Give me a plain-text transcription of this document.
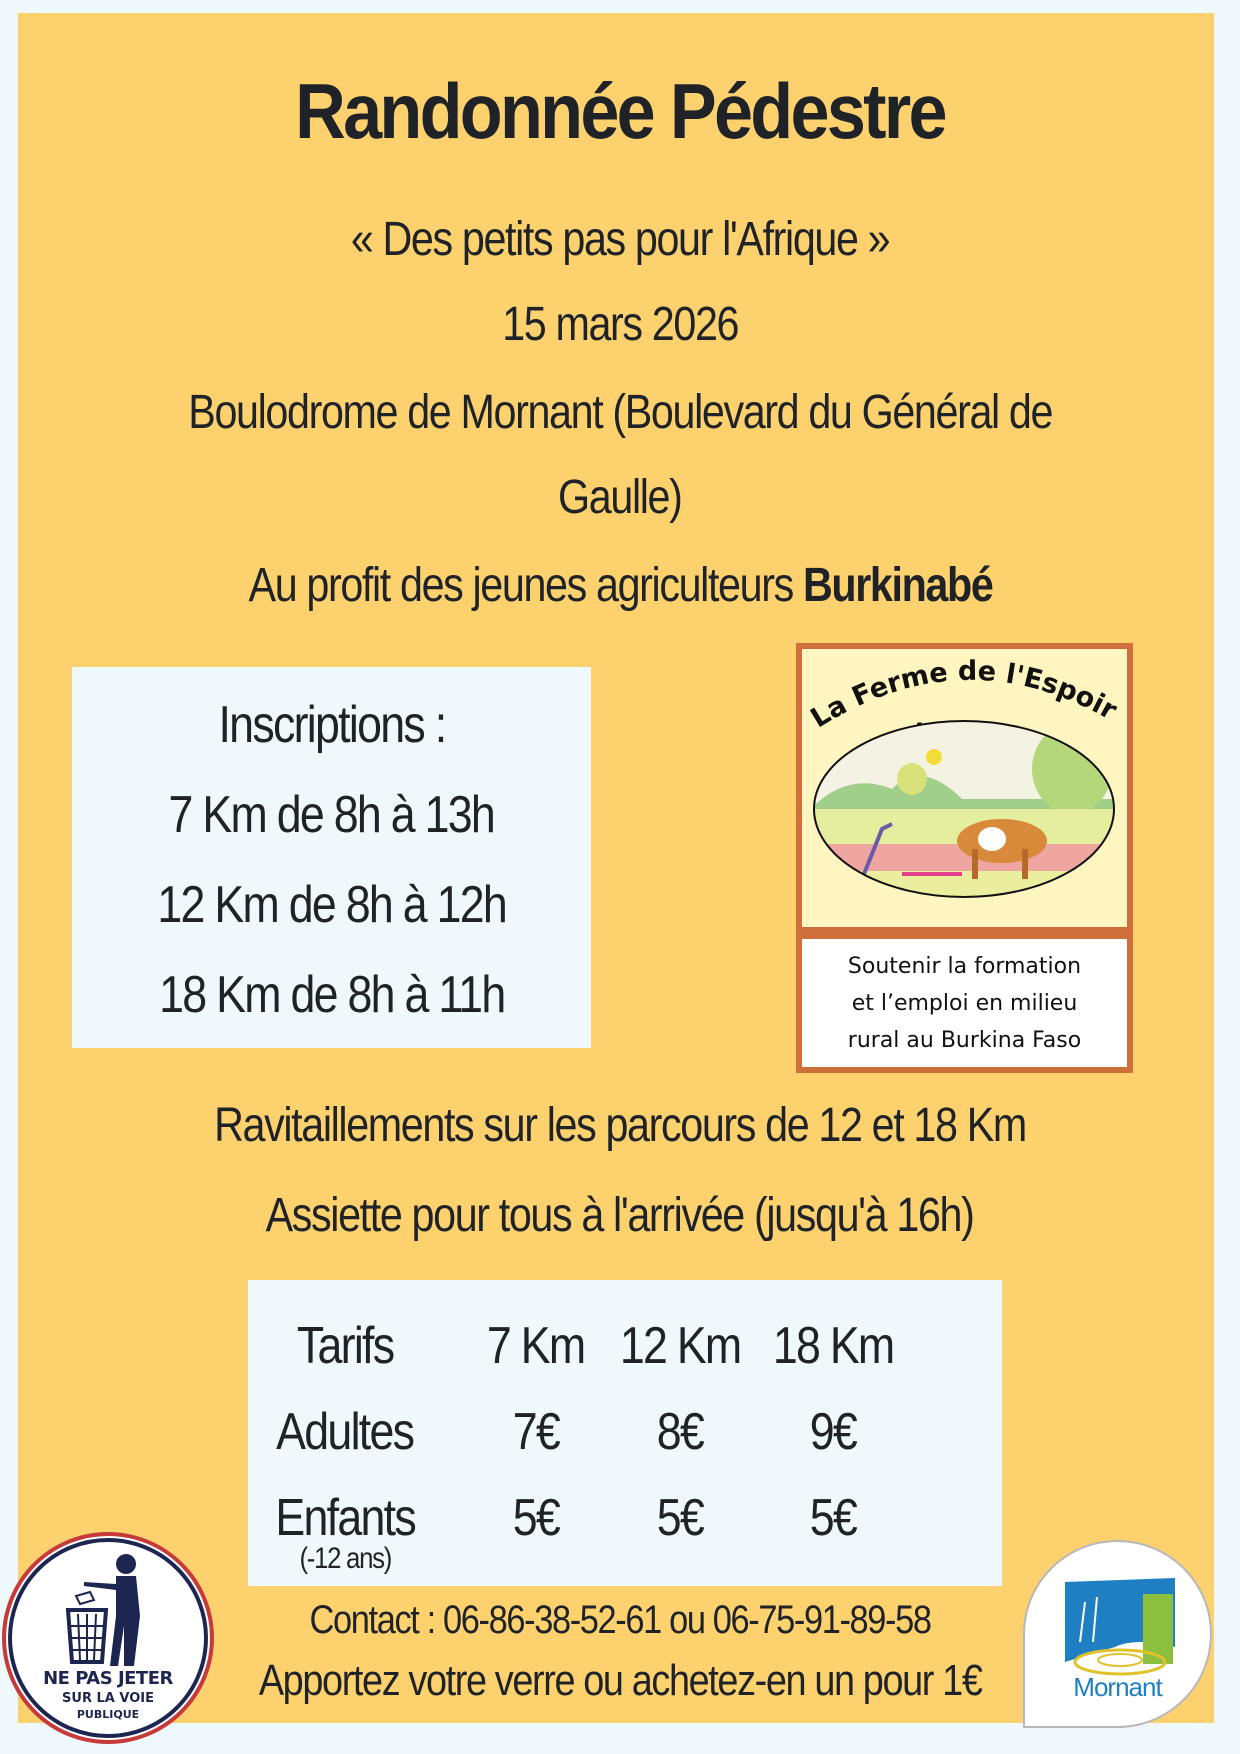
Randonnée Pédestre
« Des petits pas pour l'Afrique »
15 mars 2026
Boulodrome de Mornant (Boulevard du Général de
Gaulle)
Au profit des jeunes agriculteurs Burkinabé
Inscriptions :
7 Km de 8h à 13h
12 Km de 8h à 12h
18 Km de 8h à 11h
La Ferme de l'Espoir
Soutenir la formation
et l’emploi en milieu
rural au Burkina Faso
Ravitaillements sur les parcours de 12 et 18 Km
Assiette pour tous à l'arrivée (jusqu'à 16h)
Tarifs	7 Km 12 Km 18 Km
Adultes	7€	8€	9€
Enfants
(-12 ans)
5€	5€	5€
Contact : 06-86-38-52-61 ou 06-75-91-89-58
Apportez votre verre ou achetez-en un pour 1€
NE PAS JETER
SUR LA VOIE
PUBLIQUE
Mornant
